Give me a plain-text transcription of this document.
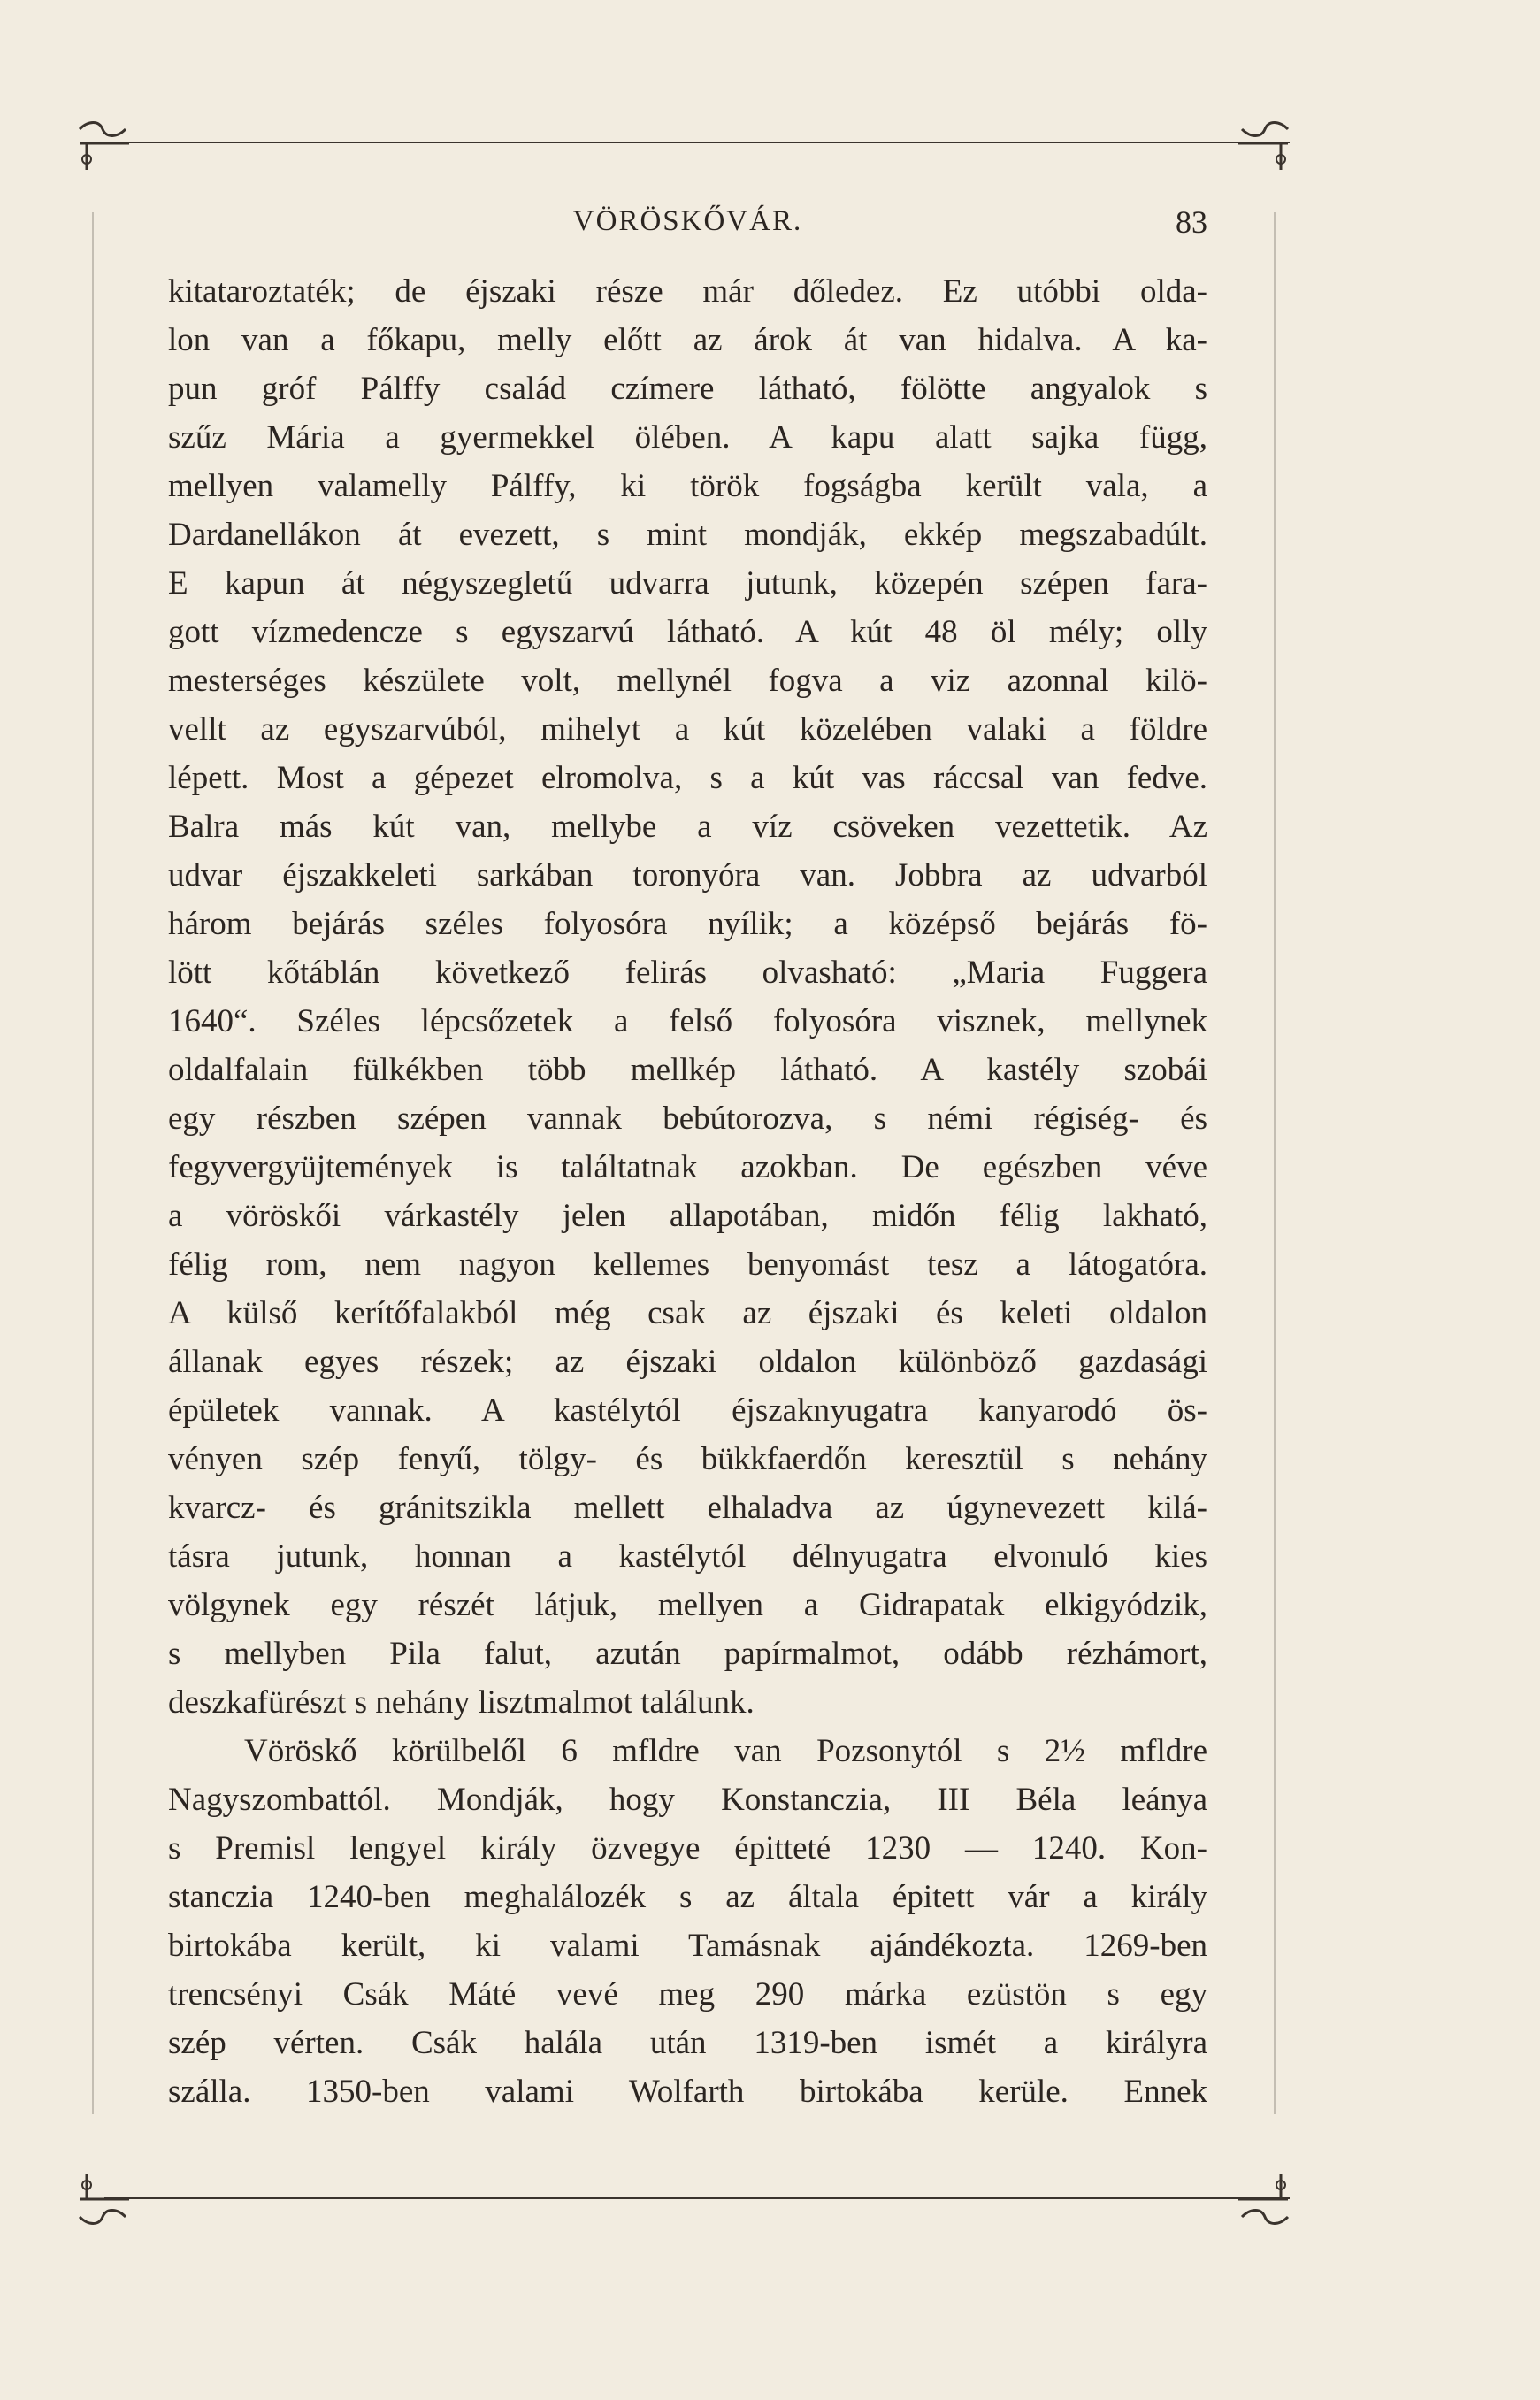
VÖRÖSKŐVÁR.	83
kitataroztaték; de éjszaki része már dőledez. Ez utóbbi olda-
lon van a főkapu, melly előtt az árok át van hidalva. A ka-
pun gróf Pálffy család czímere látható, fölötte angyalok s
szűz Mária a gyermekkel ölében. A kapu alatt sajka függ,
mellyen valamelly Pálffy, ki török fogságba került vala, a
Dardanellákon át evezett, s mint mondják, ekkép megszabadúlt.
E kapun át négyszegletű udvarra jutunk, közepén szépen fara-
gott vízmedencze s egyszarvú látható. A kút 48 öl mély; olly
mesterséges készülete volt, mellynél fogva a viz azonnal kilö-
vellt az egyszarvúból, mihelyt a kút közelében valaki a földre
lépett. Most a gépezet elromolva, s a kút vas ráccsal van fedve.
Balra más kút van, mellybe a víz csöveken vezettetik. Az
udvar éjszakkeleti sarkában toronyóra van. Jobbra az udvarból
három bejárás széles folyosóra nyílik; a középső bejárás fö-
lött kőtáblán következő felirás olvasható: „Maria Fuggera
1640“. Széles lépcsőzetek a felső folyosóra visznek, mellynek
oldalfalain fülkékben több mellkép látható. A kastély szobái
egy részben szépen vannak bebútorozva, s némi régiség- és
fegyvergyüjtemények is találtatnak azokban. De egészben véve
a vöröskői várkastély jelen allapotában, midőn félig lakható,
félig rom, nem nagyon kellemes benyomást tesz a látogatóra.
A külső kerítőfalakból még csak az éjszaki és keleti oldalon
állanak egyes részek; az éjszaki oldalon különböző gazdasági
épületek vannak. A kastélytól éjszaknyugatra kanyarodó ös-
vényen szép fenyű, tölgy- és bükkfaerdőn keresztül s nehány
kvarcz- és gránitszikla mellett elhaladva az úgynevezett kilá-
tásra jutunk, honnan a kastélytól délnyugatra elvonuló kies
völgynek egy részét látjuk, mellyen a Gidrapatak elkigyódzik,
s mellyben Pila falut, azután papírmalmot, odább rézhámort,
deszkafürészt s nehány lisztmalmot találunk.
Vöröskő körülbelől 6 mfldre van Pozsonytól s 2½ mfldre
Nagyszombattól. Mondják, hogy Konstanczia, III Béla leánya
s Premisl lengyel király özvegye épitteté 1230 — 1240. Kon-
stanczia 1240-ben meghalálozék s az általa épitett vár a király
birtokába került, ki valami Tamásnak ajándékozta. 1269-ben
trencsényi Csák Máté vevé meg 290 márka ezüstön s egy
szép vérten. Csák halála után 1319-ben ismét a királyra
szálla. 1350-ben valami Wolfarth birtokába kerüle. Ennek
